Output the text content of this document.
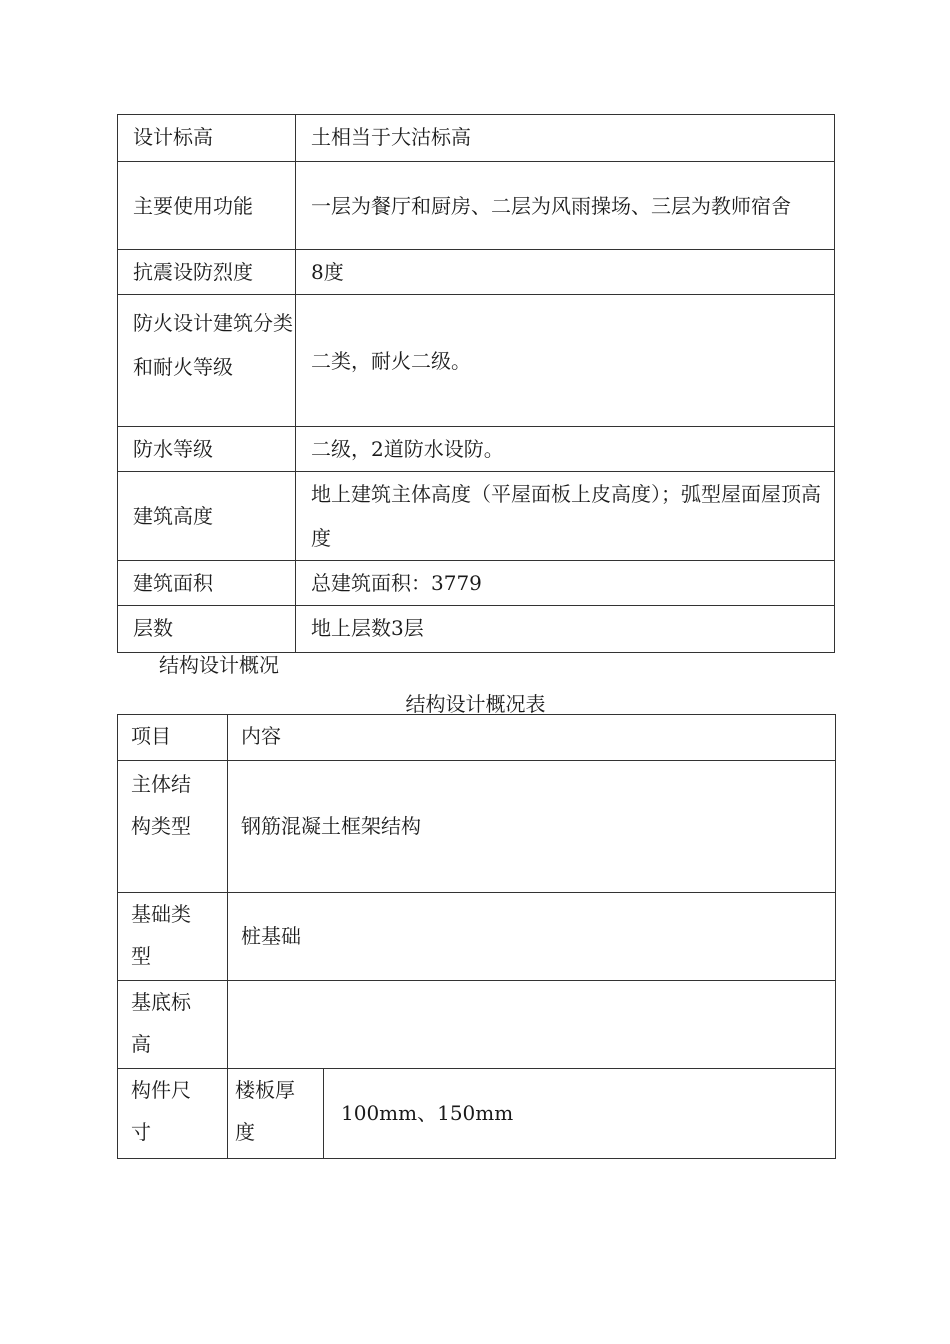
设计标高	土相当于大沽标高
主要使用功能	一层为餐厅和厨房、二层为风雨操场、三层为教师宿舍
抗震设防烈度	8度
防火设计建筑分类和耐火等级	二类，耐火二级。
防水等级	二级，2道防水设防。
建筑高度	地上建筑主体高度（平屋面板上皮高度）；弧型屋面屋顶高度
建筑面积	总建筑面积：3779
层数	地上层数3层
结构设计概况
结构设计概况表
项目	内容	
主体结构类型	钢筋混凝土框架结构	
基础类型	桩基础	
基底标高		
构件尺寸	楼板厚度	100mm、150mm
